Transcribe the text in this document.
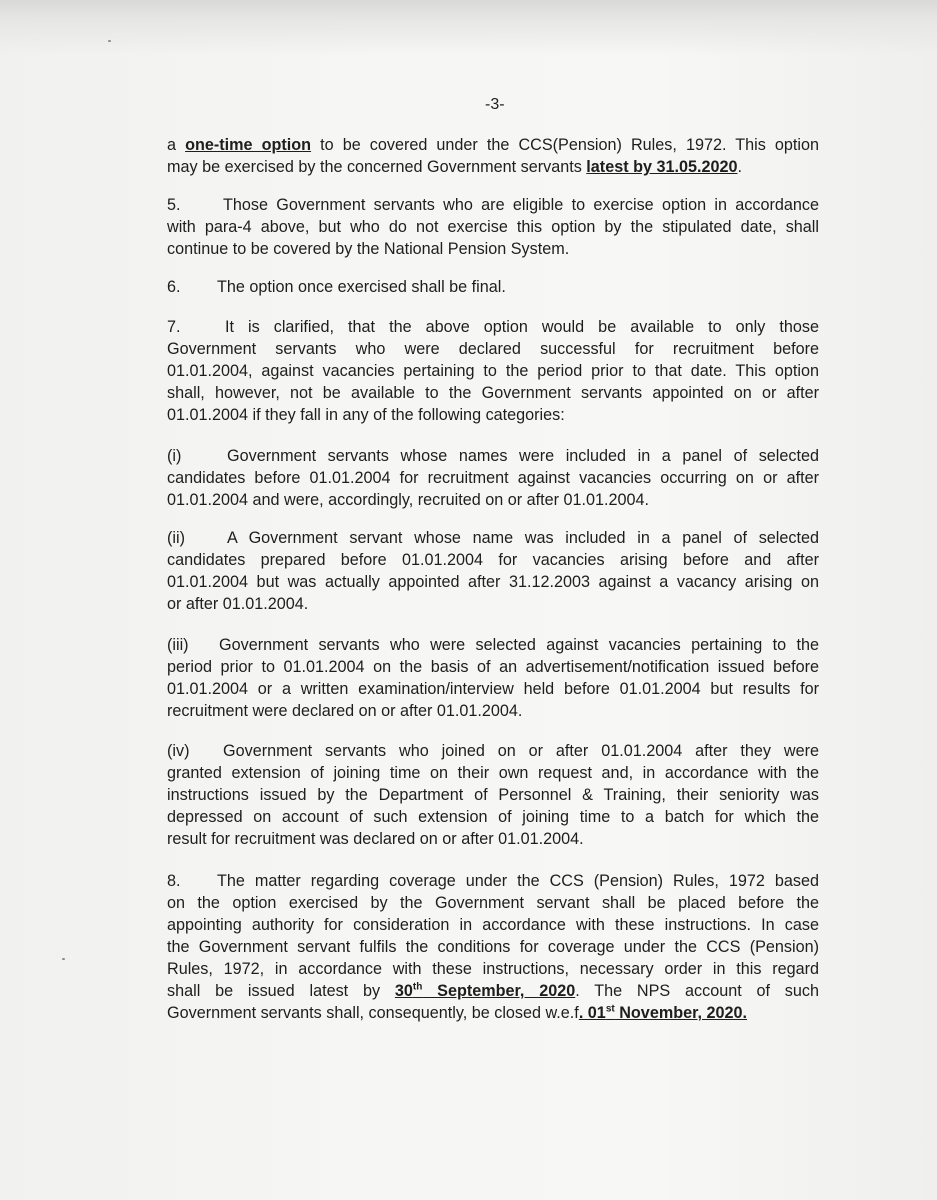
-3-
a one-time option to be covered under the CCS(Pension) Rules, 1972. This option
may be exercised by the concerned Government servants latest by 31.05.2020.
5.	Those Government servants who are eligible to exercise option in accordance
with para-4 above, but who do not exercise this option by the stipulated date, shall
continue to be covered by the National Pension System.
6. The option once exercised shall be final.
7.	It is clarified, that the above option would be available to only those
Government servants who were declared successful for recruitment before
01.01.2004, against vacancies pertaining to the period prior to that date. This option
shall, however, not be available to the Government servants appointed on or after
01.01.2004 if they fall in any of the following categories:
(i)	Government servants whose names were included in a panel of selected
candidates before 01.01.2004 for recruitment against vacancies occurring on or after
01.01.2004 and were, accordingly, recruited on or after 01.01.2004.
(ii)	A Government servant whose name was included in a panel of selected
candidates prepared before 01.01.2004 for vacancies arising before and after
01.01.2004 but was actually appointed after 31.12.2003 against a vacancy arising on
or after 01.01.2004.
(iii) Government servants who were selected against vacancies pertaining to the
period prior to 01.01.2004 on the basis of an advertisement/notification issued before
01.01.2004 or a written examination/interview held before 01.01.2004 but results for
recruitment were declared on or after 01.01.2004.
(iv) Government servants who joined on or after 01.01.2004 after they were
granted extension of joining time on their own request and, in accordance with the
instructions issued by the Department of Personnel & Training, their seniority was
depressed on account of such extension of joining time to a batch for which the
result for recruitment was declared on or after 01.01.2004.
8. The matter regarding coverage under the CCS (Pension) Rules, 1972 based
on the option exercised by the Government servant shall be placed before the
appointing authority for consideration in accordance with these instructions. In case
the Government servant fulfils the conditions for coverage under the CCS (Pension)
Rules, 1972, in accordance with these instructions, necessary order in this regard
shall be issued latest by 30th September, 2020. The NPS account of such
Government servants shall, consequently, be closed w.e.f. 01st November, 2020.
